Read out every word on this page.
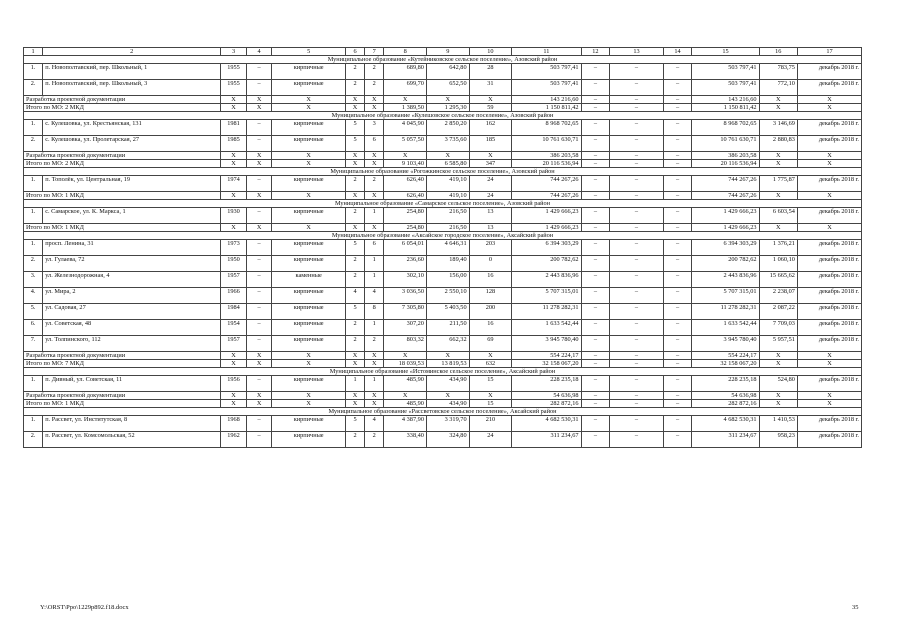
1	2	3	4	5	6	7	8	9	10	11	12	13	14	15	16	17
Муниципальное образование «Кутейниковское сельское поселение», Азовский район																
1.	п. Новополтавский, пер. Школьный, 1	1955	–	кирпичные	2	2	689,80	642,80	28	503 797,41	–	–	–	503 797,41	783,75	декабрь 2018 г.
2.	п. Новополтавский, пер. Школьный, 3	1955	–	кирпичные	2	2	699,70	652,50	31	503 797,41	–	–	–	503 797,41	772,10	декабрь 2018 г.
Разработка проектной документации		Х	Х	Х	Х	Х	Х	Х	Х	143 216,60	–	–	–	143 216,60	Х	Х
Итого по МО: 2 МКД		Х	Х	Х	Х	Х	1 389,50	1 295,30	59	1 150 811,42	–	–	–	1 150 811,42	Х	Х
Муниципальное образование «Кулешовское сельское поселение», Азовский район																
1.	с. Кулешовка, ул. Крестьянская, 131	1981	–	кирпичные	5	3	4 045,90	2 850,20	162	8 968 702,65	–	–	–	8 968 702,65	3 146,69	декабрь 2018 г.
2.	с. Кулешовка, ул. Пролетарская, 27	1985	–	кирпичные	5	6	5 057,50	3 735,60	185	10 761 630,71	–	–	–	10 761 630,71	2 880,83	декабрь 2018 г.
Разработка проектной документации		Х	Х	Х	Х	Х	Х	Х	Х	386 203,58	–	–	–	386 203,58	Х	Х
Итого по МО: 2 МКД		Х	Х	Х	Х	Х	9 103,40	6 585,80	347	20 116 536,94	–	–	–	20 116 536,94	Х	Х
Муниципальное образование «Рогожкинское сельское поселение», Азовский район																
1.	п. Тополёк, ул. Центральная, 19	1974	–	кирпичные	2	2	626,40	419,10	24	744 267,26	–	–	–	744 267,26	1 775,87	декабрь 2018 г.
Итого по МО: 1 МКД		Х	Х	Х	Х	Х	626,40	419,10	24	744 267,26	–	–	–	744 267,26	Х	Х
Муниципальное образование «Самарское сельское поселение», Азовский район																
1.	с. Самарское, ул. К. Маркса, 1	1930	–	кирпичные	2	1	254,80	216,50	13	1 429 666,23	–	–	–	1 429 666,23	6 603,54	декабрь 2018 г.
Итого по МО: 1 МКД		Х	Х	Х	Х	Х	254,80	216,50	13	1 429 666,23	–	–	–	1 429 666,23	Х	Х
Муниципальное образование «Аксайское городское поселение», Аксайский район																
1.	просп. Ленина, 31	1973	–	кирпичные	5	6	6 054,01	4 646,31	203	6 394 303,29	–	–	–	6 394 303,29	1 376,21	декабрь 2018 г.
2.	ул. Гулаева, 72	1950	–	кирпичные	2	1	236,60	189,40	0	200 782,62	–	–	–	200 782,62	1 060,10	декабрь 2018 г.
3.	ул. Железнодорожная, 4	1957	–	каменные	2	1	302,10	156,00	16	2 443 836,96	–	–	–	2 443 836,96	15 665,62	декабрь 2018 г.
4.	ул. Мира, 2	1966	–	кирпичные	4	4	3 036,50	2 550,10	128	5 707 315,01	–	–	–	5 707 315,01	2 238,07	декабрь 2018 г.
5.	ул. Садовая, 27	1984	–	кирпичные	5	8	7 305,80	5 403,50	200	11 278 282,31	–	–	–	11 278 282,31	2 087,22	декабрь 2018 г.
6.	ул. Советская, 48	1954	–	кирпичные	2	1	307,20	211,50	16	1 633 542,44	–	–	–	1 633 542,44	7 709,03	декабрь 2018 г.
7.	ул. Толпинского, 112	1957	–	кирпичные	2	2	803,32	662,32	69	3 945 780,40	–	–	–	3 945 780,40	5 957,51	декабрь 2018 г.
Разработка проектной документации		Х	Х	Х	Х	Х	Х	Х	Х	554 224,17	–	–	–	554 224,17	Х	Х
Итого по МО: 7 МКД		Х	Х	Х	Х	Х	18 039,53	13 819,53	632	32 158 067,20	–	–	–	32 158 067,20	Х	Х
Муниципальное образование «Истоминское сельское поселение», Аксайский район																
1.	п. Дивный, ул. Советская, 11	1956	–	кирпичные	1	1	485,90	434,90	15	228 235,18	–	–	–	228 235,18	524,80	декабрь 2018 г.
Разработка проектной документации		Х	Х	Х	Х	Х	Х	Х	Х	54 636,98	–	–	–	54 636,98	Х	Х
Итого по МО: 1 МКД		Х	Х	Х	Х	Х	485,90	434,90	15	282 872,16	–	–	–	282 872,16	Х	Х
Муниципальное образование «Рассветовское сельское поселение», Аксайский район																
1.	п. Рассвет, ул. Институтская, 8	1968	–	кирпичные	5	4	4 387,90	3 319,70	210	4 682 530,31	–	–	–	4 682 530,31	1 410,53	декабрь 2018 г.
2.	п. Рассвет, ул. Комсомольская, 52	1962	–	кирпичные	2	2	338,40	324,80	24	311 234,67	–	–	–	311 234,67	958,23	декабрь 2018 г.
Y:\ORST\Ppo\1229p892.f18.docx	35
